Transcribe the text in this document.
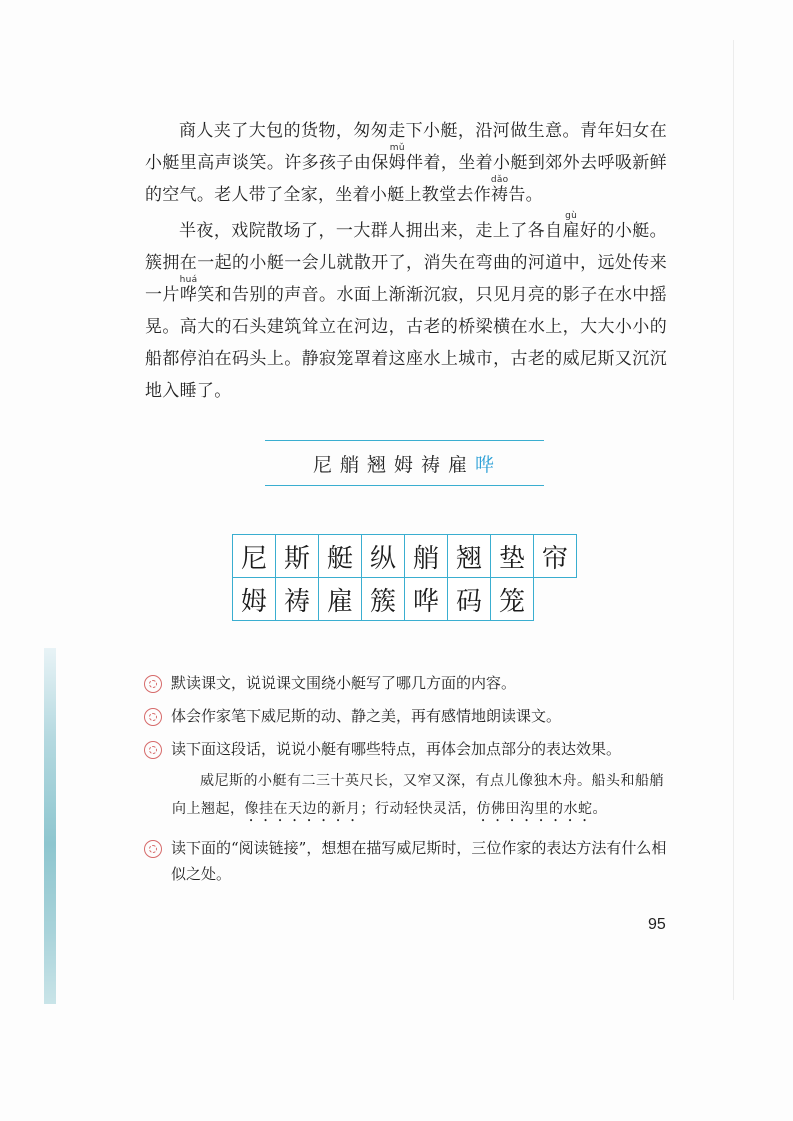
商人夹了大包的货物，匆匆走下小艇，沿河做生意。青年妇女在小艇里高声谈笑。许多孩子由保姆mǔ伴着，坐着小艇到郊外去呼吸新鲜的空气。老人带了全家，坐着小艇上教堂去作祷dǎo告。

半夜，戏院散场了，一大群人拥出来，走上了各自雇gù好的小艇。簇拥在一起的小艇一会儿就散开了，消失在弯曲的河道中，远处传来一片哗huá笑和告别的声音。水面上渐渐沉寂，只见月亮的影子在水中摇晃。高大的石头建筑耸立在河边，古老的桥梁横在水上，大大小小的船都停泊在码头上。静寂笼罩着这座水上城市，古老的威尼斯又沉沉地入睡了。

尼 艄 翘 姆 祷 雇 哗
尼 斯 艇 纵 艄 翘 垫 帘
姆 祷 雇 簇 哗 码 笼
默读课文，说说课文围绕小艇写了哪几方面的内容。
体会作家笔下威尼斯的动、静之美，再有感情地朗读课文。
读下面这段话，说说小艇有哪些特点，再体会加点部分的表达效果。
威尼斯的小艇有二三十英尺长，又窄又深，有点儿像独木舟。船头和船艄向上翘起，像挂在天边的新月；行动轻快灵活，仿佛田沟里的水蛇。
读下面的“阅读链接”，想想在描写威尼斯时，三位作家的表达方法有什么相似之处。
95
